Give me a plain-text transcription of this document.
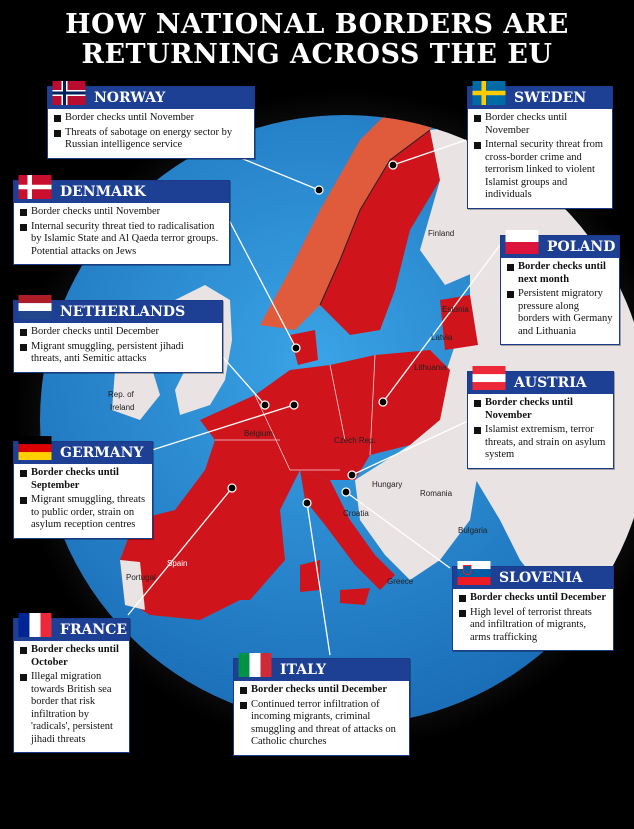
Finland
Estonia
Latvia
Lithuania
Rep. of
Ireland
Belgium
Czech Rep.
Hungary
Romania
Croatia
Bulgaria
Spain
Portugal	Greece
HOW NATIONAL BORDERS ARE
RETURNING ACROSS THE EU
NORWAY
Border checks until November
Threats of sabotage on energy sector by Russian intelligence service
SWEDEN
Border checks until November
Internal security threat from cross-border crime and terrorism linked to violent Islamist groups and individuals
DENMARK
Border checks until November
Internal security threat tied to radicalisation by Islamic State and Al Qaeda terror groups. Potential attacks on Jews	POLAND
Border checks until next month
Persistent migratory pressure along borders with Germany and Lithuania
NETHERLANDS
Border checks until December
Migrant smuggling, persistent jihadi threats, anti Semitic attacks
AUSTRIA
Border checks until November
Islamist extremism, terror threats, and strain on asylum system
GERMANY
Border checks until September
Migrant smuggling, threats to public order, strain on asylum reception centres
SLOVENIA
Border checks until December
High level of terrorist threats and infiltration of migrants, arms trafficking
FRANCE
Border checks until October
Illegal migration towards British sea border that risk infiltration by 'radicals', persistent jihadi threats
ITALY
Border checks until December
Continued terror infiltration of incoming migrants, criminal smuggling and threat of attacks on Catholic churches
